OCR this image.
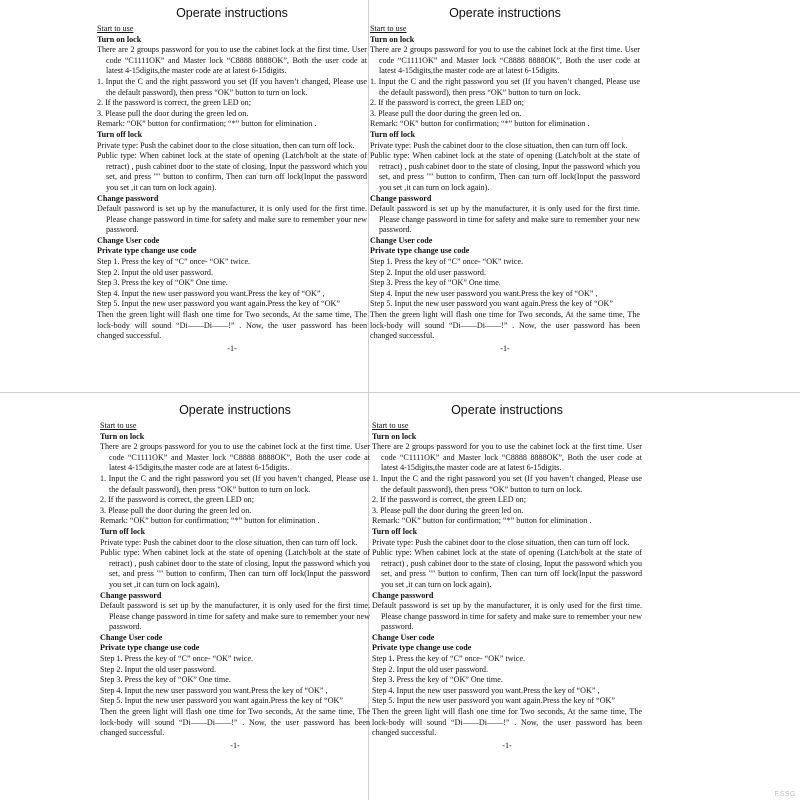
Operate instructions

Start to use

Turn on lock

There are 2 groups password for you to use the cabinet lock at the first time. User code “C1111OK” and Master lock “C8888 8888OK”, Both the user code at latest 4-15digits,the master code are at latest 6-15digits.

1. Input the C and the right password you set (If you haven’t changed, Please use the default password), then press “OK” button to turn on lock.

2. If the password is correct, the green LED on;

3. Please pull the door during the green led on.

Remark: “OK” button for confirmation; “*” button for elimination .

Turn off lock

Private type: Push the cabinet door to the close situation, then can turn off lock.

Public type: When cabinet lock at the state of opening (Latch/bolt at the state of retract) , push cabinet door to the state of closing, Input the password which you set, and press "" button to confirm, Then can turn off lock(Input the password you set ,it can turn on lock again).

Change password

Default password is set up by the manufacturer, it is only used for the first time. Please change password in time for safety and make sure to remember your new password.

Change User code

Private type change use code

Step 1. Press the key of “C” once- “OK” twice.

Step 2. Input the old user password.

Step 3. Press the key of “OK” One time.

Step 4. Input the new user password you want.Press the key of “OK” ,

Step 5. Input the new user password you want again.Press the key of “OK”

Then the green light will flash one time for Two seconds, At the same time, The lock-body will sound “Di——Di——!” . Now, the user password has been changed successful.

-1-
Operate instructions

Start to use

Turn on lock

There are 2 groups password for you to use the cabinet lock at the first time. User code “C1111OK” and Master lock “C8888 8888OK”, Both the user code at latest 4-15digits,the master code are at latest 6-15digits.

1. Input the C and the right password you set (If you haven’t changed, Please use the default password), then press “OK” button to turn on lock.

2. If the password is correct, the green LED on;

3. Please pull the door during the green led on.

Remark: “OK” button for confirmation; “*” button for elimination .

Turn off lock

Private type: Push the cabinet door to the close situation, then can turn off lock.

Public type: When cabinet lock at the state of opening (Latch/bolt at the state of retract) , push cabinet door to the state of closing, Input the password which you set, and press "" button to confirm, Then can turn off lock(Input the password you set ,it can turn on lock again).

Change password

Default password is set up by the manufacturer, it is only used for the first time. Please change password in time for safety and make sure to remember your new password.

Change User code

Private type change use code

Step 1. Press the key of “C” once- “OK” twice.

Step 2. Input the old user password.

Step 3. Press the key of “OK” One time.

Step 4. Input the new user password you want.Press the key of “OK” ,

Step 5. Input the new user password you want again.Press the key of “OK”

Then the green light will flash one time for Two seconds, At the same time, The lock-body will sound “Di——Di——!” . Now, the user password has been changed successful.

-1-
Operate instructions

Start to use

Turn on lock

There are 2 groups password for you to use the cabinet lock at the first time. User code “C1111OK” and Master lock “C8888 8888OK”, Both the user code at latest 4-15digits,the master code are at latest 6-15digits.

1. Input the C and the right password you set (If you haven’t changed, Please use the default password), then press “OK” button to turn on lock.

2. If the password is correct, the green LED on;

3. Please pull the door during the green led on.

Remark: “OK” button for confirmation; “*” button for elimination .

Turn off lock

Private type: Push the cabinet door to the close situation, then can turn off lock.

Public type: When cabinet lock at the state of opening (Latch/bolt at the state of retract) , push cabinet door to the state of closing, Input the password which you set, and press "" button to confirm, Then can turn off lock(Input the password you set ,it can turn on lock again).

Change password

Default password is set up by the manufacturer, it is only used for the first time. Please change password in time for safety and make sure to remember your new password.

Change User code

Private type change use code

Step 1. Press the key of “C” once- “OK” twice.

Step 2. Input the old user password.

Step 3. Press the key of “OK” One time.

Step 4. Input the new user password you want.Press the key of “OK” ,

Step 5. Input the new user password you want again.Press the key of “OK”

Then the green light will flash one time for Two seconds, At the same time, The lock-body will sound “Di——Di——!” . Now, the user password has been changed successful.

-1-
Operate instructions

Start to use

Turn on lock

There are 2 groups password for you to use the cabinet lock at the first time. User code “C1111OK” and Master lock “C8888 8888OK”, Both the user code at latest 4-15digits,the master code are at latest 6-15digits.

1. Input the C and the right password you set (If you haven’t changed, Please use the default password), then press “OK” button to turn on lock.

2. If the password is correct, the green LED on;

3. Please pull the door during the green led on.

Remark: “OK” button for confirmation; “*” button for elimination .

Turn off lock

Private type: Push the cabinet door to the close situation, then can turn off lock.

Public type: When cabinet lock at the state of opening (Latch/bolt at the state of retract) , push cabinet door to the state of closing, Input the password which you set, and press "" button to confirm, Then can turn off lock(Input the password you set ,it can turn on lock again).

Change password

Default password is set up by the manufacturer, it is only used for the first time. Please change password in time for safety and make sure to remember your new password.

Change User code

Private type change use code

Step 1. Press the key of “C” once- “OK” twice.

Step 2. Input the old user password.

Step 3. Press the key of “OK” One time.

Step 4. Input the new user password you want.Press the key of “OK” ,

Step 5. Input the new user password you want again.Press the key of “OK”

Then the green light will flash one time for Two seconds, At the same time, The lock-body will sound “Di——Di——!” . Now, the user password has been changed successful.

-1-
ESSG
